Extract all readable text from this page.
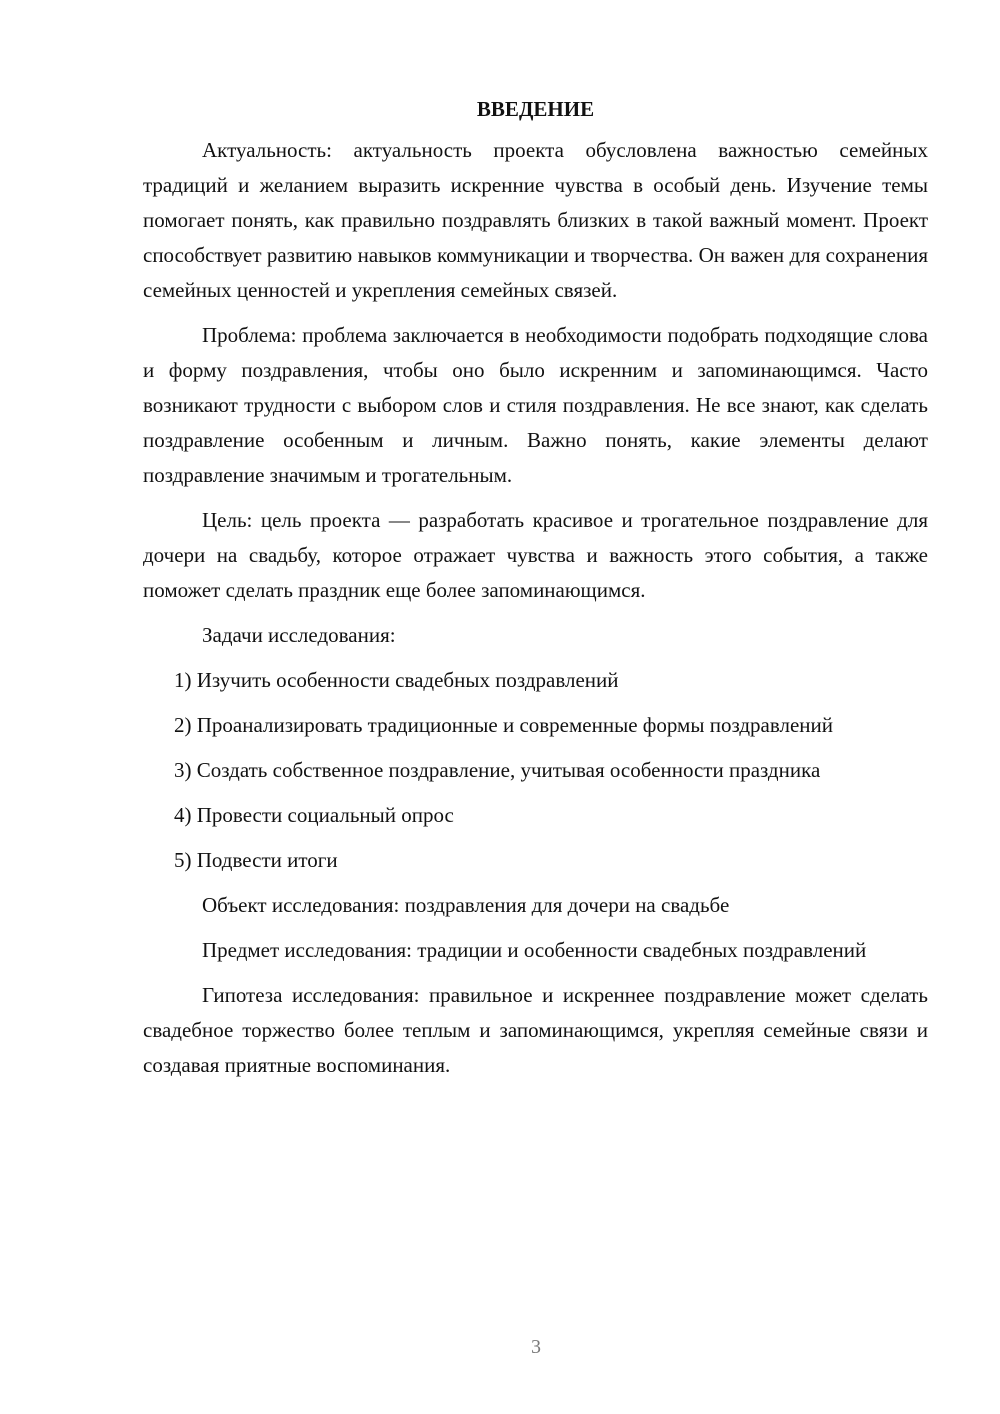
ВВЕДЕНИЕ

Актуальность: актуальность проекта обусловлена важностью семейных традиций и желанием выразить искренние чувства в особый день. Изучение темы помогает понять, как правильно поздравлять близких в такой важный момент. Проект способствует развитию навыков коммуникации и творчества. Он важен для сохранения семейных ценностей и укрепления семейных связей.

Проблема: проблема заключается в необходимости подобрать подходящие слова и форму поздравления, чтобы оно было искренним и запоминающимся. Часто возникают трудности с выбором слов и стиля поздравления. Не все знают, как сделать поздравление особенным и личным. Важно понять, какие элементы делают поздравление значимым и трогательным.

Цель: цель проекта — разработать красивое и трогательное поздравление для дочери на свадьбу, которое отражает чувства и важность этого события, а также поможет сделать праздник еще более запоминающимся.

Задачи исследования:

1) Изучить особенности свадебных поздравлений

2) Проанализировать традиционные и современные формы поздравлений

3) Создать собственное поздравление, учитывая особенности праздника

4) Провести социальный опрос

5) Подвести итоги

Объект исследования: поздравления для дочери на свадьбе

Предмет исследования: традиции и особенности свадебных поздравлений

Гипотеза исследования: правильное и искреннее поздравление может сделать свадебное торжество более теплым и запоминающимся, укрепляя семейные связи и создавая приятные воспоминания.

3
